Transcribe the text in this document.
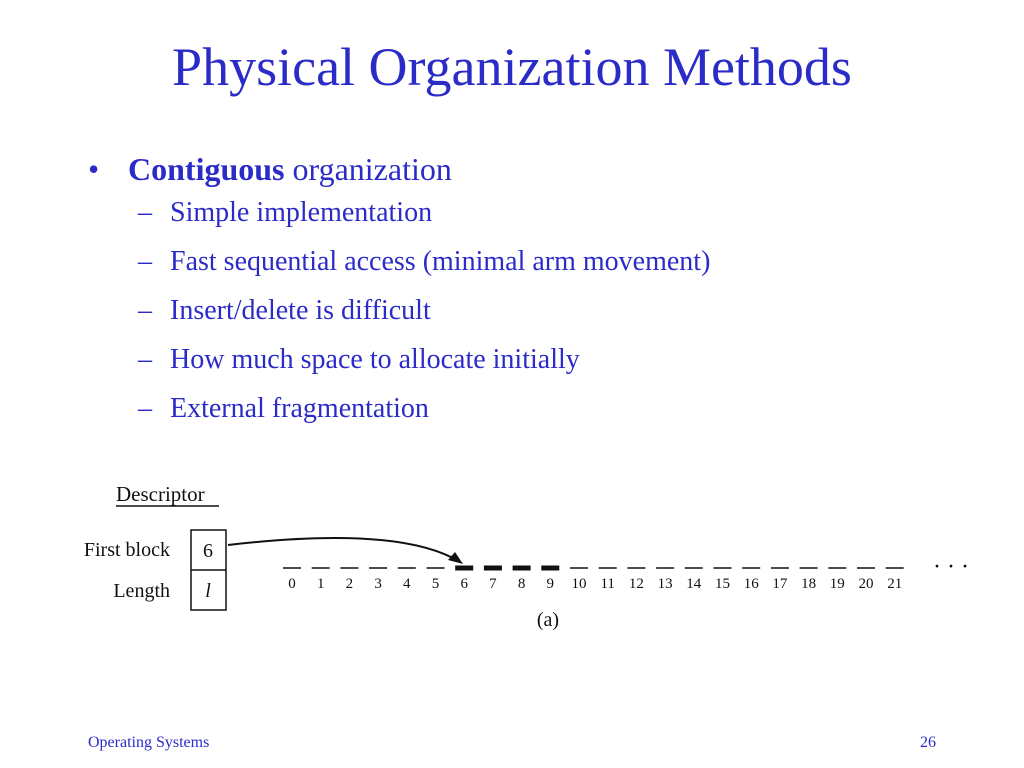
Physical Organization Methods
• Contiguous organization
– Simple implementation
– Fast sequential access (minimal arm movement)
– Insert/delete is difficult
– How much space to allocate initially
– External fragmentation
Descriptor
First block
Length
6
l	0 1 2 3 4 5 6 7 8 9 10 11 12 13 14 15 16 17 18 19 20 21
· · ·
(a)
Operating Systems	26
